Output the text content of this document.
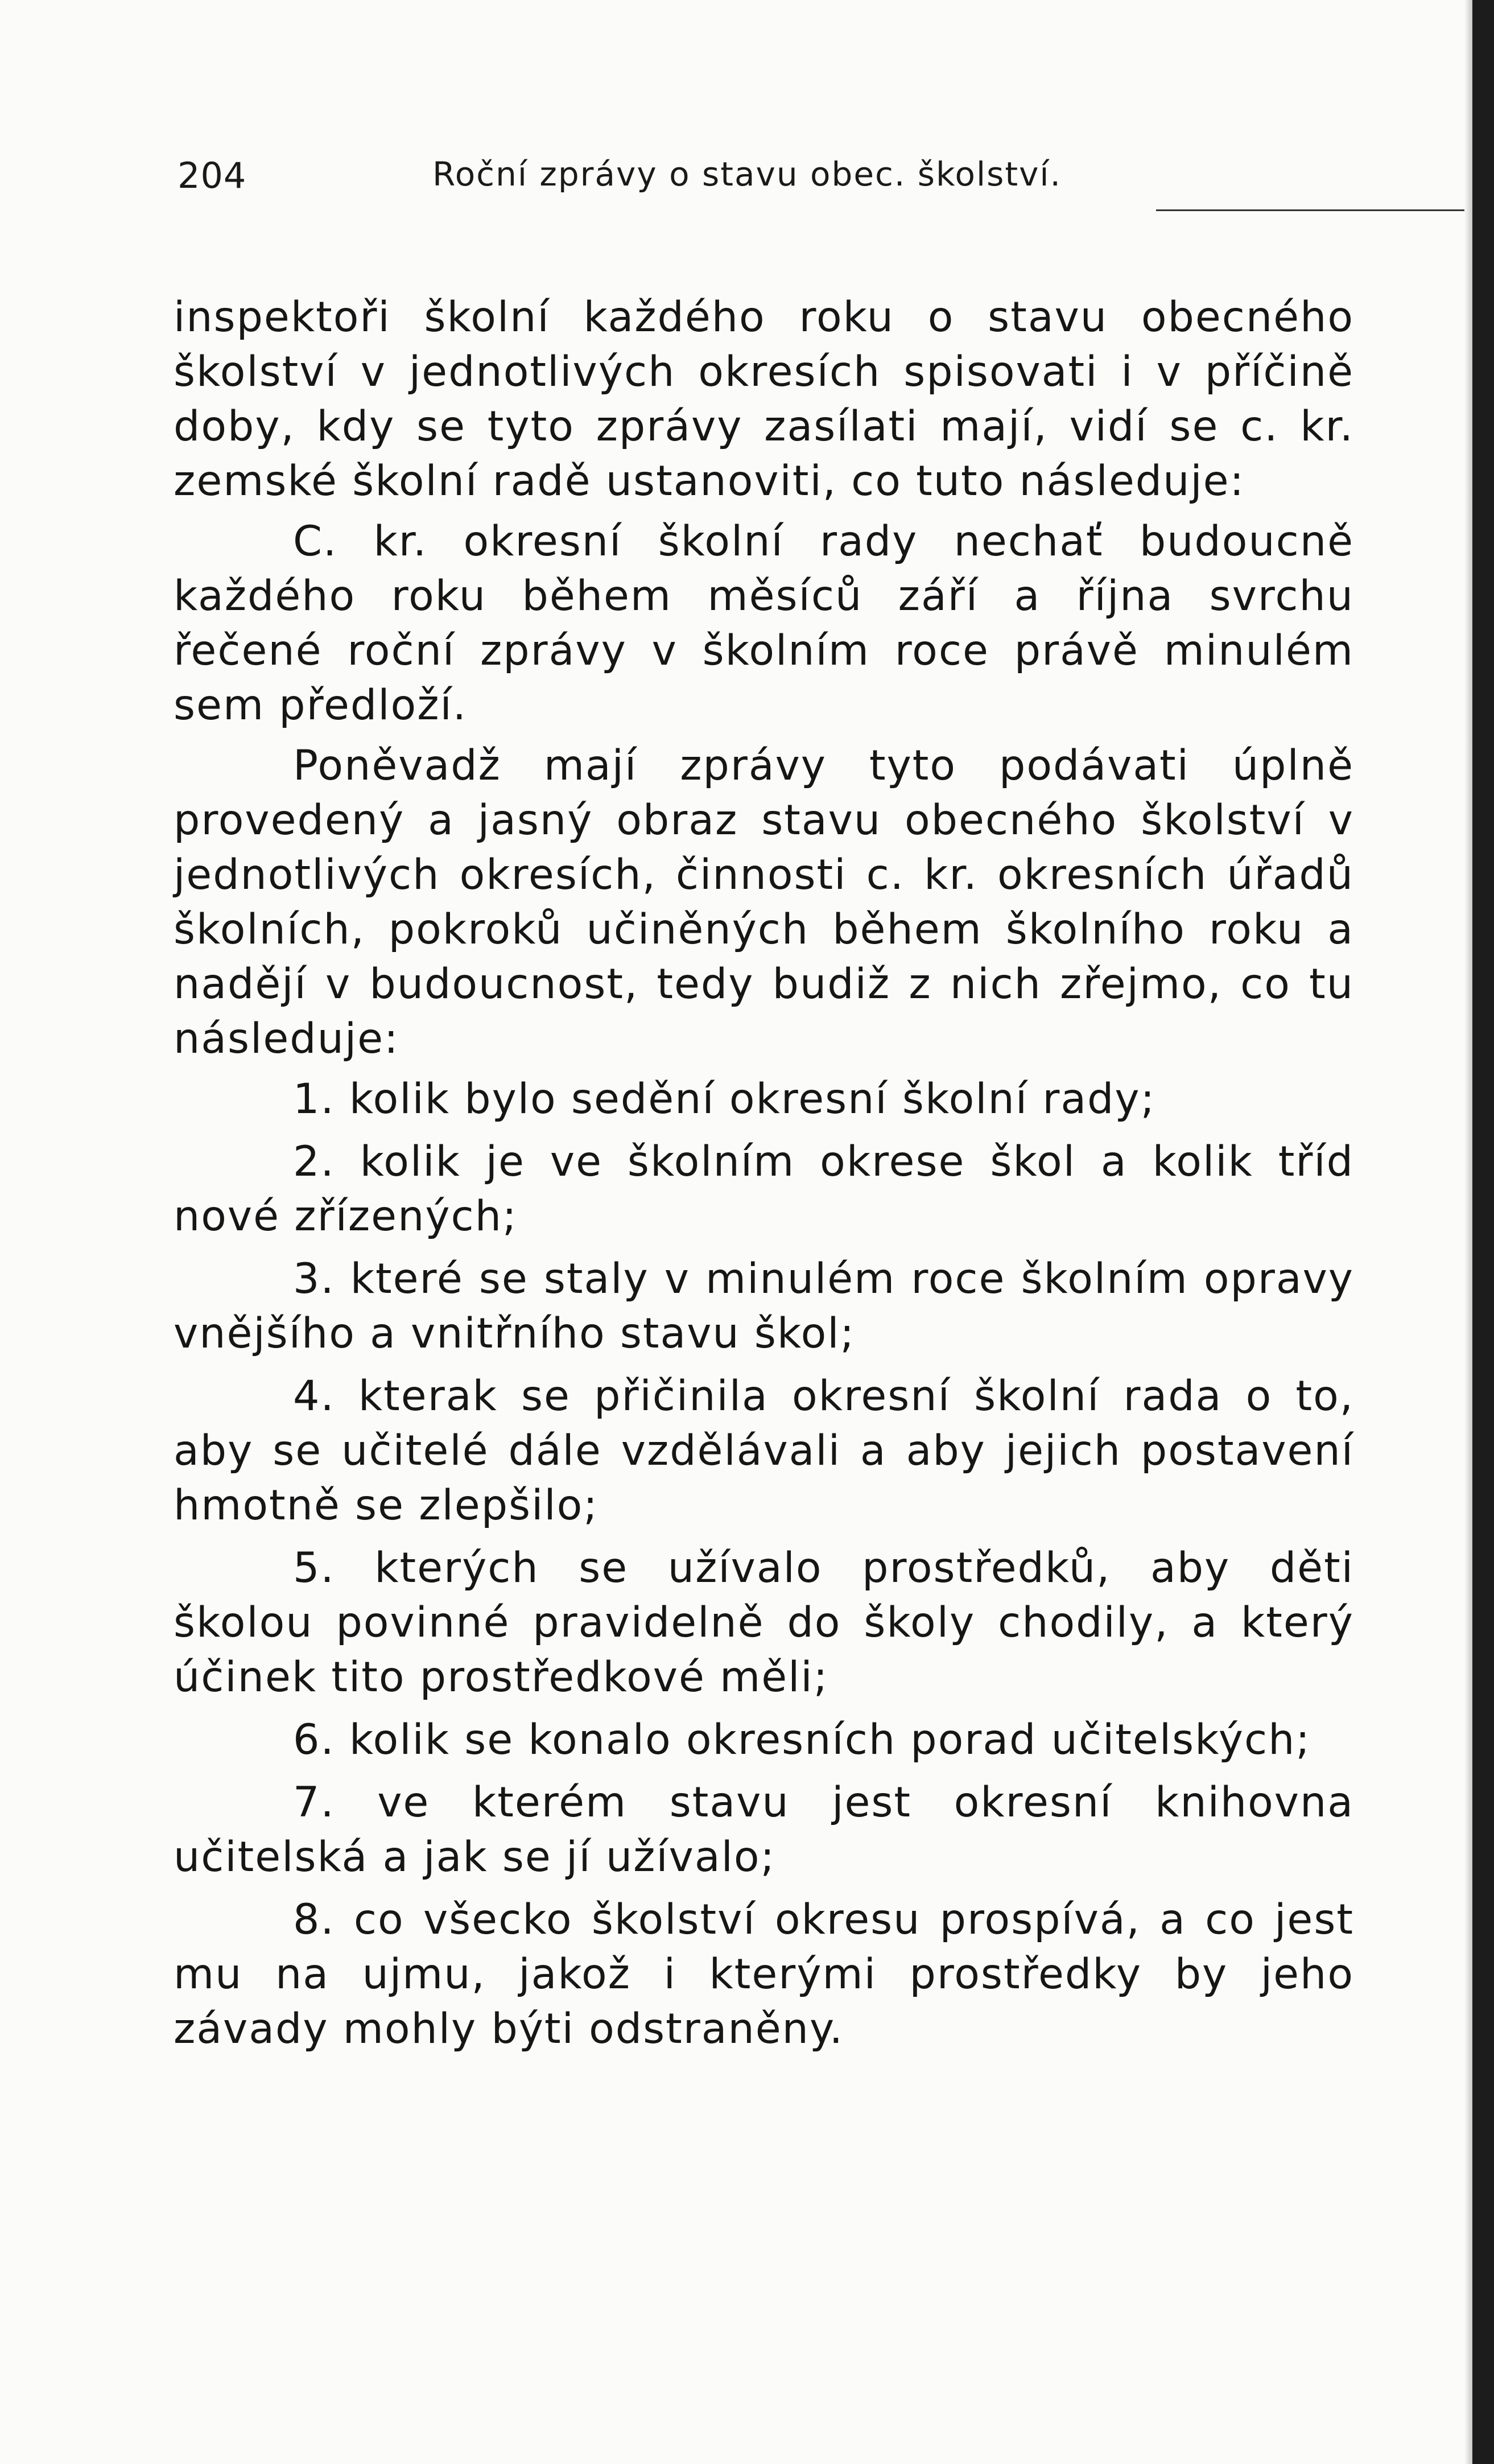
204	Roční zprávy o stavu obec. školství.

inspektoři školní každého roku o stavu obecného školství v jednotlivých okresích spisovati i v příčině doby, kdy se tyto zprávy zasílati mají, vidí se c. kr. zemské školní radě ustanoviti, co tuto následuje:

C. kr. okresní školní rady nechať budoucně každého roku během měsíců září a října svrchu řečené roční zprávy v školním roce právě minulém sem předloží.

Poněvadž mají zprávy tyto podávati úplně provedený a jasný obraz stavu obecného školství v jednotlivých okresích, činnosti c. kr. okresních úřadů školních, pokroků učiněných během školního roku a nadějí v budoucnost, tedy budiž z nich zřejmo, co tu následuje:

1. kolik bylo sedění okresní školní rady;

2. kolik je ve školním okrese škol a kolik tříd nové zřízených;

3. které se staly v minulém roce školním opravy vnějšího a vnitřního stavu škol;

4. kterak se přičinila okresní školní rada o to, aby se učitelé dále vzdělávali a aby jejich postavení hmotně se zlepšilo;

5. kterých se užívalo prostředků, aby děti školou povinné pravidelně do školy chodily, a který účinek tito prostředkové měli;

6. kolik se konalo okresních porad učitelských;

7. ve kterém stavu jest okresní knihovna učitelská a jak se jí užívalo;

8. co všecko školství okresu prospívá, a co jest mu na ujmu, jakož i kterými prostředky by jeho závady mohly býti odstraněny.
